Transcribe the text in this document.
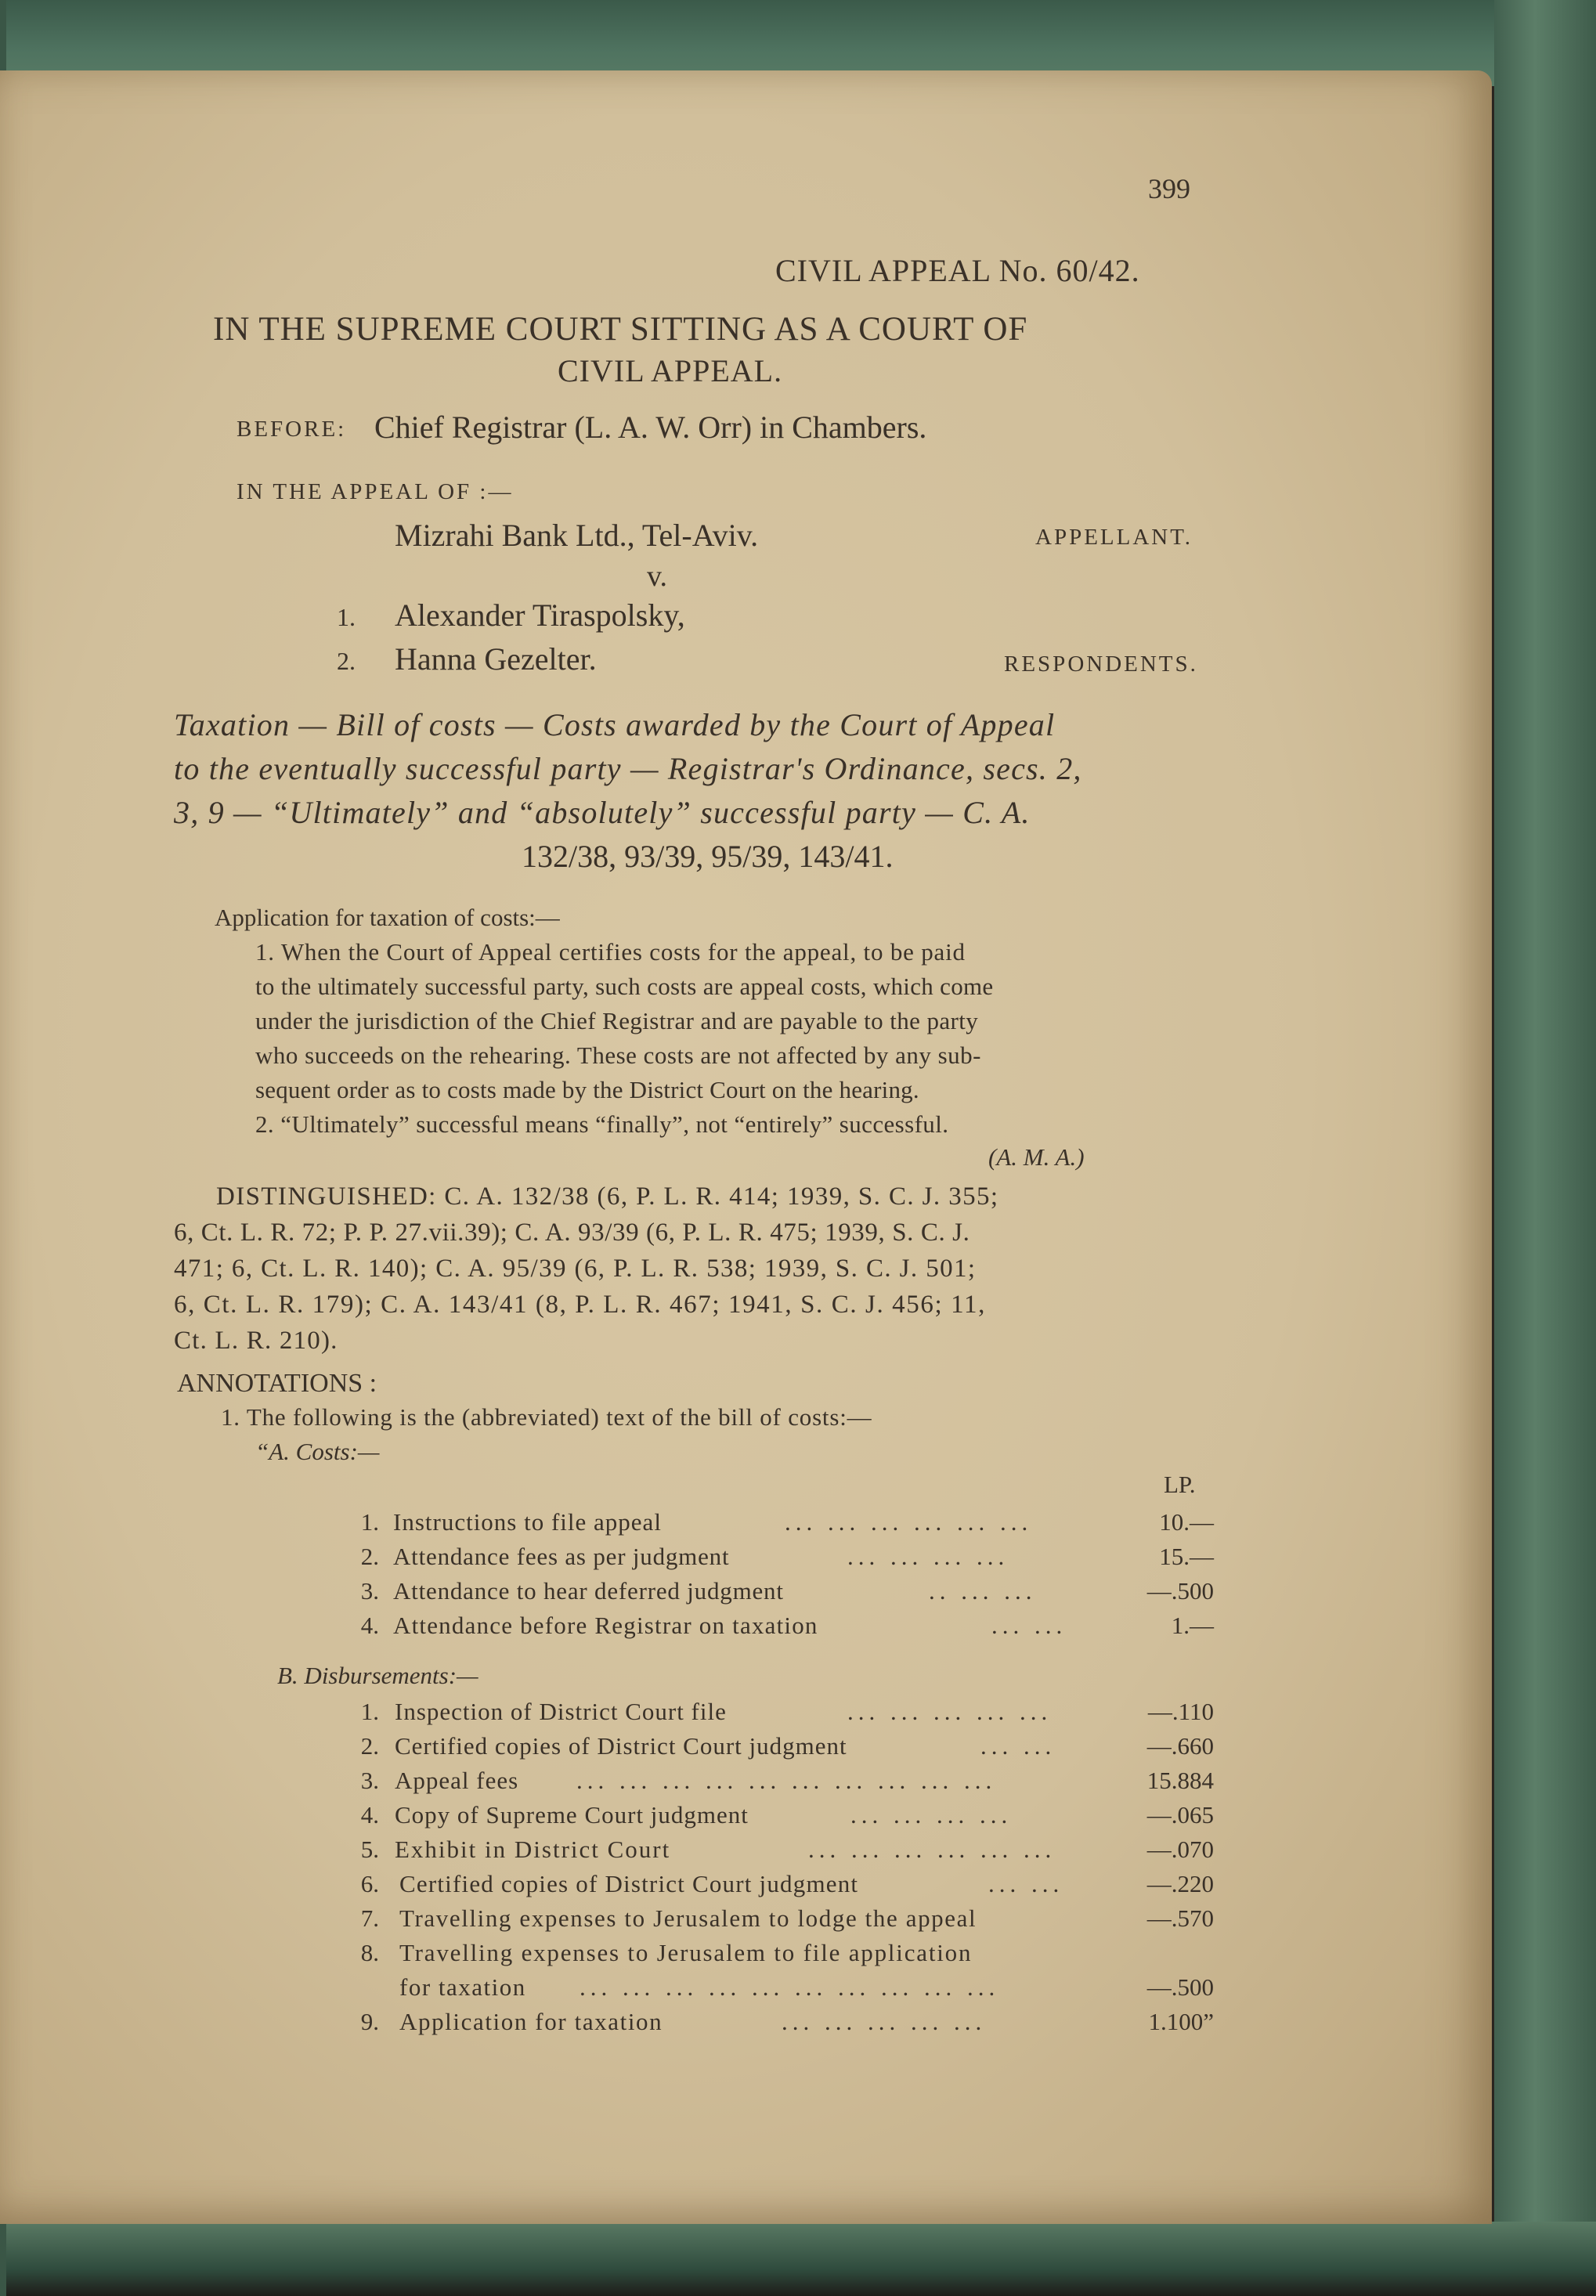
399
CIVIL APPEAL No. 60/42.
IN THE SUPREME COURT SITTING AS A COURT OF
CIVIL APPEAL.
BEFORE: Chief Registrar (L. A. W. Orr) in Chambers.
IN THE APPEAL OF :—
Mizrahi Bank Ltd., Tel-Aviv.	APPELLANT.
v.
1. Alexander Tiraspolsky,
2. Hanna Gezelter.	RESPONDENTS.
Taxation — Bill of costs — Costs awarded by the Court of Appeal
to the eventually successful party — Registrar's Ordinance, secs. 2,
3, 9 — “Ultimately” and “absolutely” successful party — C. A.
132/38, 93/39, 95/39, 143/41.
Application for taxation of costs:—
1. When the Court of Appeal certifies costs for the appeal, to be paid
to the ultimately successful party, such costs are appeal costs, which come
under the jurisdiction of the Chief Registrar and are payable to the party
who succeeds on the rehearing. These costs are not affected by any sub-
sequent order as to costs made by the District Court on the hearing.
2. “Ultimately” successful means “finally”, not “entirely” successful.
(A. M. A.)
DISTINGUISHED: C. A. 132/38 (6, P. L. R. 414; 1939, S. C. J. 355;
6, Ct. L. R. 72; P. P. 27.vii.39); C. A. 93/39 (6, P. L. R. 475; 1939, S. C. J.
471; 6, Ct. L. R. 140); C. A. 95/39 (6, P. L. R. 538; 1939, S. C. J. 501;
6, Ct. L. R. 179); C. A. 143/41 (8, P. L. R. 467; 1941, S. C. J. 456; 11,
Ct. L. R. 210).
ANNOTATIONS :
1. The following is the (abbreviated) text of the bill of costs:—
“A. Costs:—
LP.
1. Instructions to file appeal	... ... ... ... ... ...	10.—
2. Attendance fees as per judgment	... ... ... ...	15.—
3. Attendance to hear deferred judgment	.. ... ...	—.500
4. Attendance before Registrar on taxation	... ...	1.—
B. Disbursements:—
1. Inspection of District Court file	... ... ... ... ...	—.110
2. Certified copies of District Court judgment	... ...	—.660
3. Appeal fees ... ... ... ... ... ... ... ... ... ...	15.884
4. Copy of Supreme Court judgment	... ... ... ...	—.065
5. Exhibit in District Court	... ... ... ... ... ...	—.070
6. Certified copies of District Court judgment	... ...	—.220
7. Travelling expenses to Jerusalem to lodge the appeal	—.570
8. Travelling expenses to Jerusalem to file application
for taxation ... ... ... ... ... ... ... ... ... ...	—.500
9. Application for taxation	... ... ... ... ...	1.100”
